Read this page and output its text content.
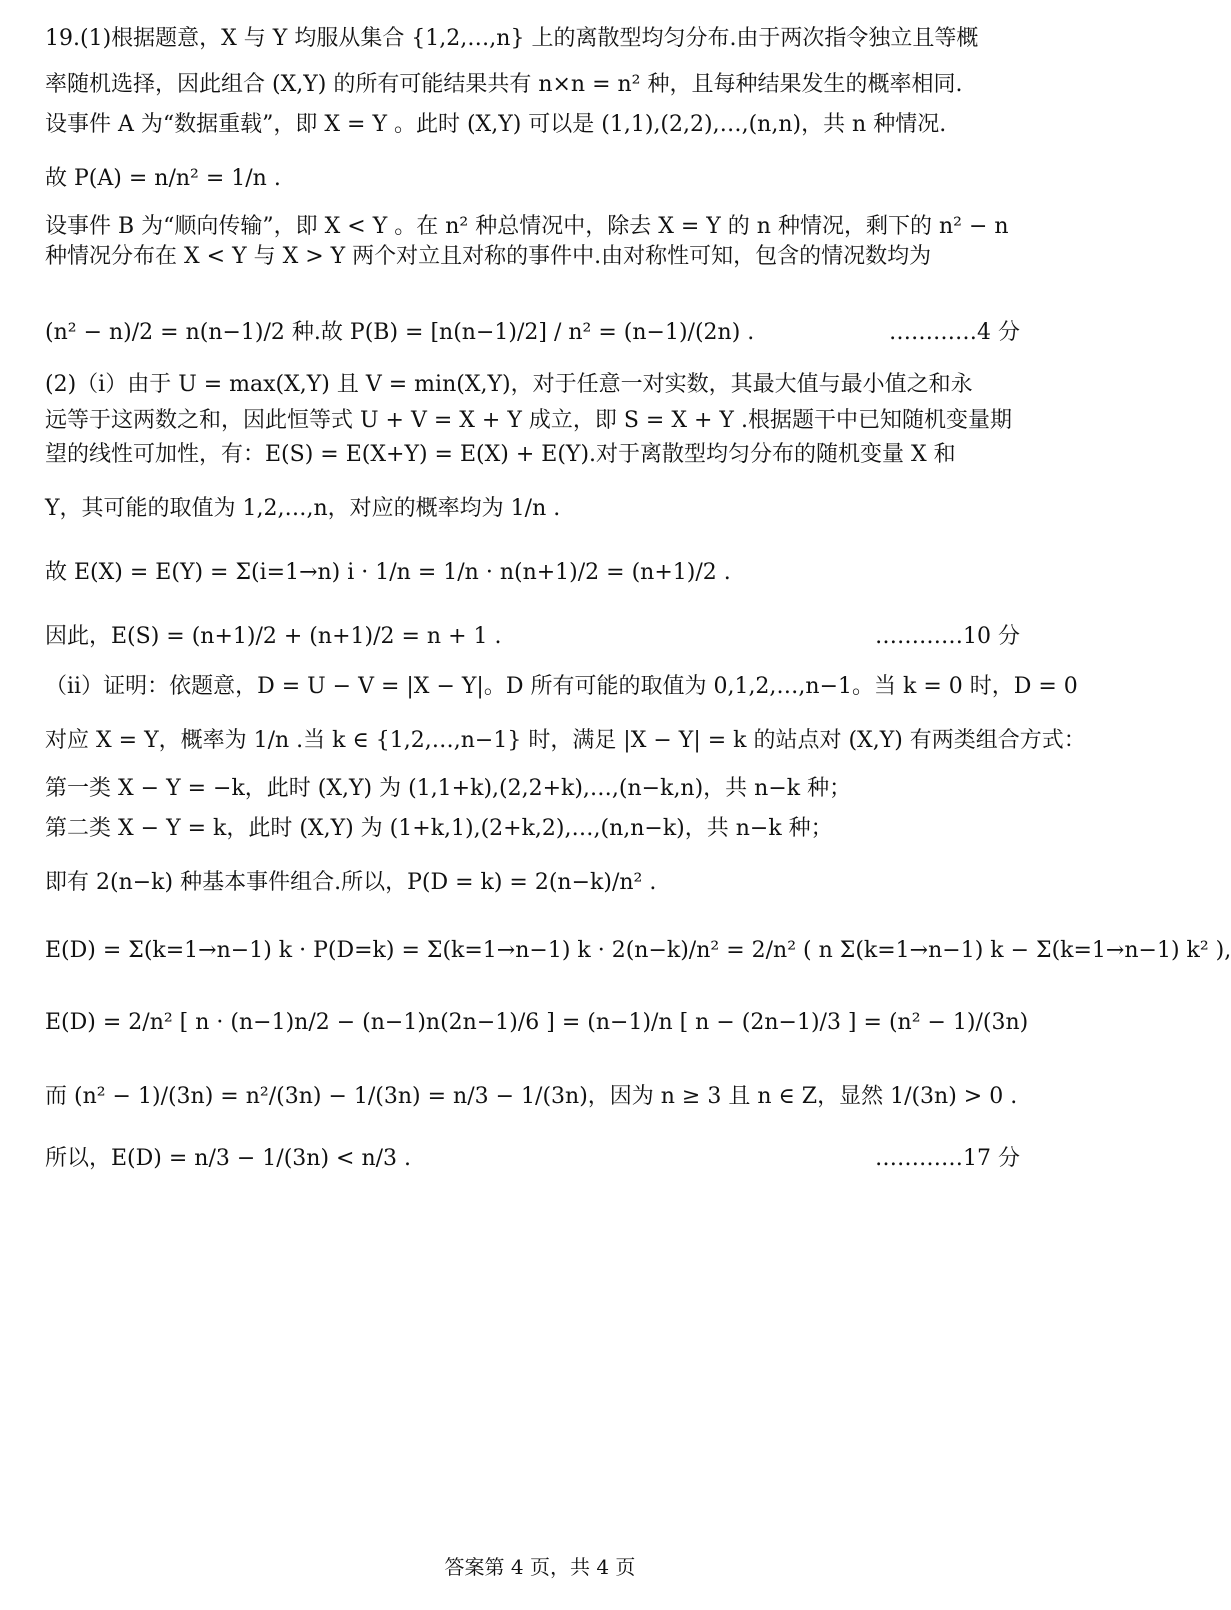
19.(1)根据题意，X 与 Y 均服从集合 {1,2,…,n} 上的离散型均匀分布.由于两次指令独立且等概
率随机选择，因此组合 (X,Y) 的所有可能结果共有 n×n = n² 种，且每种结果发生的概率相同.
设事件 A 为“数据重载”，即 X = Y 。此时 (X,Y) 可以是 (1,1),(2,2),…,(n,n)，共 n 种情况.
故 P(A) = n/n² = 1/n .
设事件 B 为“顺向传输”，即 X < Y 。在 n² 种总情况中，除去 X = Y 的 n 种情况，剩下的 n² − n
种情况分布在 X < Y 与 X > Y 两个对立且对称的事件中.由对称性可知，包含的情况数均为
(n² − n)/2 = n(n−1)/2 种.故 P(B) = [n(n−1)/2] / n² = (n−1)/(2n) .	…………4 分
(2)（i）由于 U = max(X,Y) 且 V = min(X,Y)，对于任意一对实数，其最大值与最小值之和永
远等于这两数之和，因此恒等式 U + V = X + Y 成立，即 S = X + Y .根据题干中已知随机变量期
望的线性可加性，有：E(S) = E(X+Y) = E(X) + E(Y).对于离散型均匀分布的随机变量 X 和
Y，其可能的取值为 1,2,…,n，对应的概率均为 1/n .
故 E(X) = E(Y) = Σ(i=1→n) i · 1/n = 1/n · n(n+1)/2 = (n+1)/2 .
因此，E(S) = (n+1)/2 + (n+1)/2 = n + 1 .	…………10 分
（ii）证明：依题意，D = U − V = |X − Y|。D 所有可能的取值为 0,1,2,…,n−1。当 k = 0 时，D = 0
对应 X = Y，概率为 1/n .当 k ∈ {1,2,…,n−1} 时，满足 |X − Y| = k 的站点对 (X,Y) 有两类组合方式：
第一类 X − Y = −k，此时 (X,Y) 为 (1,1+k),(2,2+k),…,(n−k,n)，共 n−k 种；
第二类 X − Y = k，此时 (X,Y) 为 (1+k,1),(2+k,2),…,(n,n−k)，共 n−k 种；
即有 2(n−k) 种基本事件组合.所以，P(D = k) = 2(n−k)/n² .
E(D) = Σ(k=1→n−1) k · P(D=k) = Σ(k=1→n−1) k · 2(n−k)/n² = 2/n² ( n Σ(k=1→n−1) k − Σ(k=1→n−1) k² ),
E(D) = 2/n² [ n · (n−1)n/2 − (n−1)n(2n−1)/6 ] = (n−1)/n [ n − (2n−1)/3 ] = (n² − 1)/(3n)
而 (n² − 1)/(3n) = n²/(3n) − 1/(3n) = n/3 − 1/(3n)，因为 n ≥ 3 且 n ∈ Z，显然 1/(3n) > 0 .
所以，E(D) = n/3 − 1/(3n) < n/3 .	…………17 分
答案第 4 页，共 4 页
